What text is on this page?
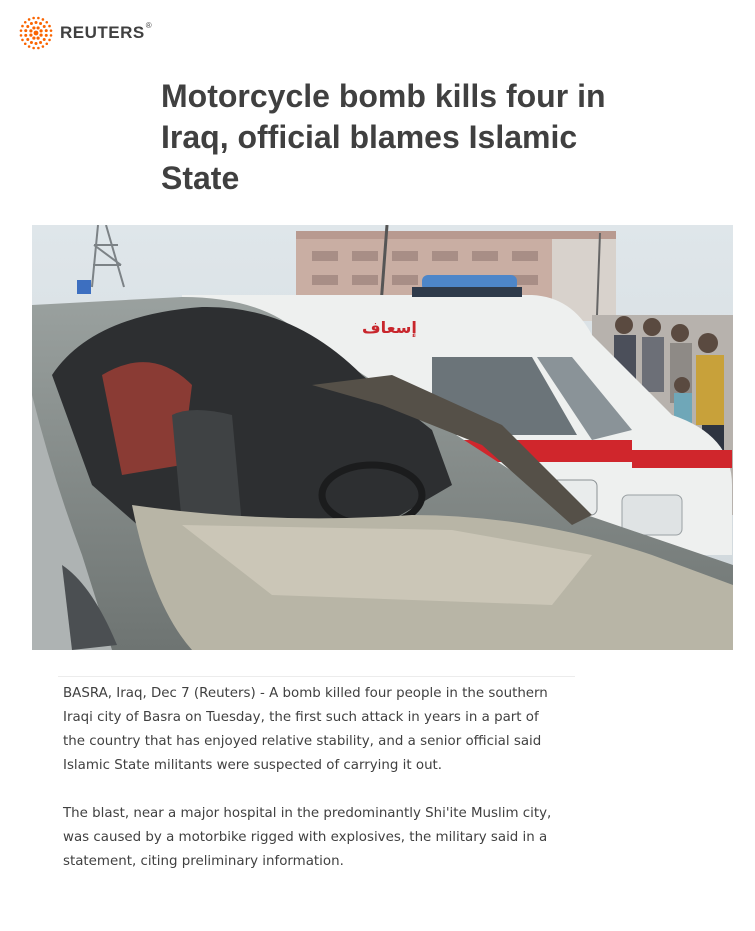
REUTERS®
Motorcycle bomb kills four in Iraq, official blames Islamic State
إسعاف

BASRA, Iraq, Dec 7 (Reuters) - A bomb killed four people in the southern Iraqi city of Basra on Tuesday, the first such attack in years in a part of the country that has enjoyed relative stability, and a senior official said Islamic State militants were suspected of carrying it out.

The blast, near a major hospital in the predominantly Shi'ite Muslim city, was caused by a motorbike rigged with explosives, the military said in a statement, citing preliminary information.
